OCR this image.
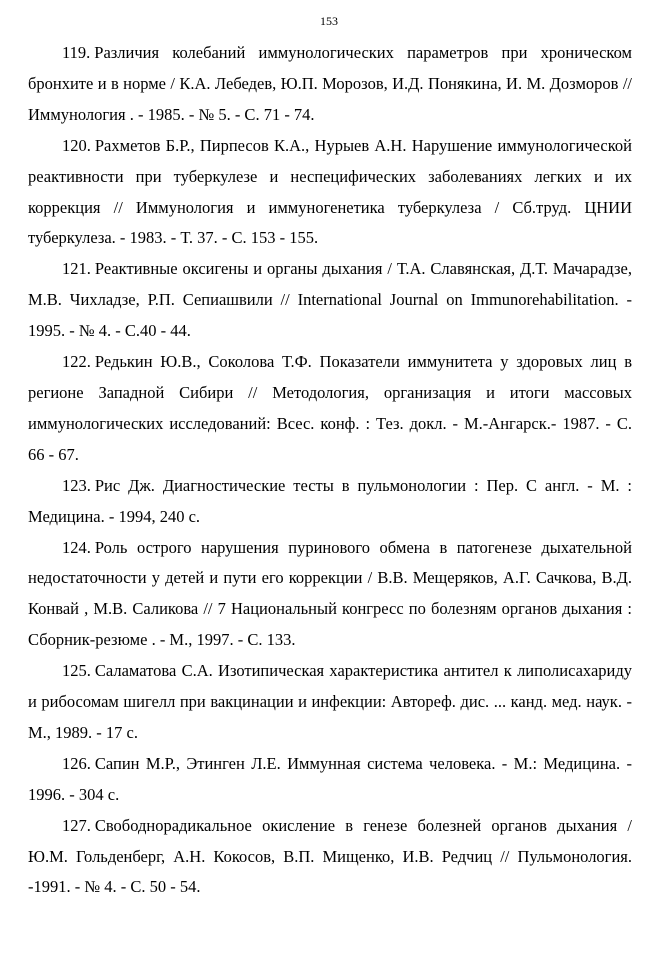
153

119. Различия колебаний иммунологических параметров при хроническом бронхите и в норме / К.А. Лебедев, Ю.П. Морозов, И.Д. Понякина, И. М. Дозморов // Иммунология . - 1985. - № 5. - С. 71 - 74.

120. Рахметов Б.Р., Пирпесов К.А., Нурыев А.Н. Нарушение иммунологической реактивности при туберкулезе и неспецифических заболеваниях легких и их коррекция // Иммунология и иммуногенетика туберкулеза / Сб.труд. ЦНИИ туберкулеза. - 1983. - Т. 37. - С. 153 - 155.

121. Реактивные оксигены и органы дыхания / Т.А. Славянская, Д.Т. Мачарадзе, М.В. Чихладзе, Р.П. Сепиашвили // International Journal on Immunorehabilitation. - 1995. - № 4. - С.40 - 44.

122. Редькин Ю.В., Соколова Т.Ф. Показатели иммунитета у здоровых лиц в регионе Западной Сибири // Методология, организация и итоги массовых иммунологических исследований: Всес. конф. : Тез. докл. - М.-Ангарск.- 1987. - С. 66 - 67.

123. Рис Дж. Диагностические тесты в пульмонологии : Пер. С англ. - М. : Медицина. - 1994, 240 с.

124. Роль острого нарушения пуринового обмена в патогенезе дыхательной недостаточности у детей и пути его коррекции / В.В. Мещеряков, А.Г. Сачкова, В.Д. Конвай , М.В. Саликова // 7 Национальный конгресс по болезням органов дыхания : Сборник-резюме . - М., 1997. - С. 133.

125. Саламатова С.А. Изотипическая характеристика антител к липолисахариду и рибосомам шигелл при вакцинации и инфекции: Автореф. дис. ... канд. мед. наук. - М., 1989. - 17 с.

126. Сапин М.Р., Этинген Л.Е. Иммунная система человека. - М.: Медицина. - 1996. - 304 с.

127. Свободнорадикальное окисление в генезе болезней органов дыхания / Ю.М. Гольденберг, А.Н. Кокосов, В.П. Мищенко, И.В. Редчиц // Пульмонология. -1991. - № 4. - С. 50 - 54.
